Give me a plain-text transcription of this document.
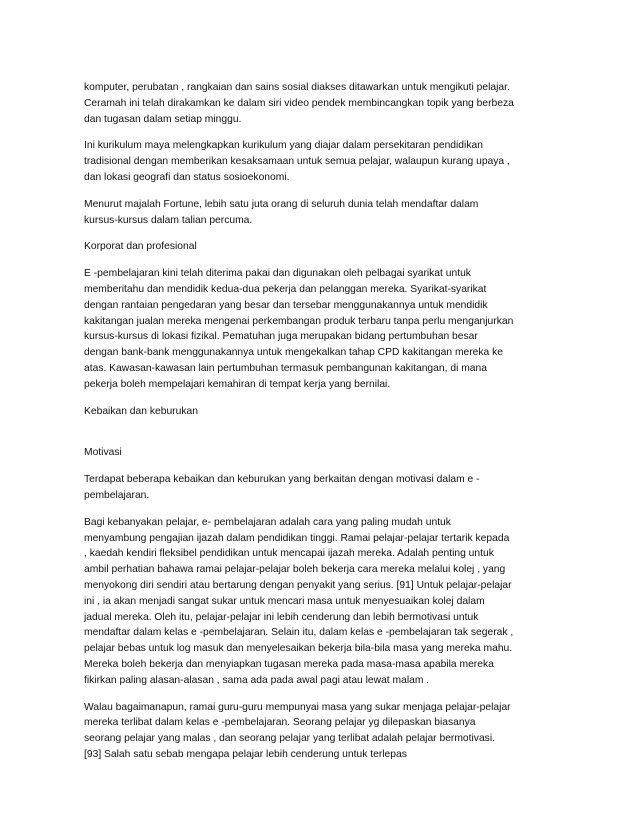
komputer, perubatan , rangkaian dan sains sosial diakses ditawarkan untuk mengikuti pelajar. Ceramah ini telah dirakamkan ke dalam siri video pendek membincangkan topik yang berbeza dan tugasan dalam setiap minggu.

Ini kurikulum maya melengkapkan kurikulum yang diajar dalam persekitaran pendidikan tradisional dengan memberikan kesaksamaan untuk semua pelajar, walaupun kurang upaya , dan lokasi geografi dan status sosioekonomi.

Menurut majalah Fortune, lebih satu juta orang di seluruh dunia telah mendaftar dalam kursus-kursus dalam talian percuma.

Korporat dan profesional

E -pembelajaran kini telah diterima pakai dan digunakan oleh pelbagai syarikat untuk memberitahu dan mendidik kedua-dua pekerja dan pelanggan mereka. Syarikat-syarikat dengan rantaian pengedaran yang besar dan tersebar menggunakannya untuk mendidik kakitangan jualan mereka mengenai perkembangan produk terbaru tanpa perlu menganjurkan kursus-kursus di lokasi fizikal. Pematuhan juga merupakan bidang pertumbuhan besar dengan bank-bank menggunakannya untuk mengekalkan tahap CPD kakitangan mereka ke atas. Kawasan-kawasan lain pertumbuhan termasuk pembangunan kakitangan, di mana pekerja boleh mempelajari kemahiran di tempat kerja yang bernilai.

Kebaikan dan keburukan

Motivasi

Terdapat beberapa kebaikan dan keburukan yang berkaitan dengan motivasi dalam e -pembelajaran.

Bagi kebanyakan pelajar, e- pembelajaran adalah cara yang paling mudah untuk menyambung pengajian ijazah dalam pendidikan tinggi. Ramai pelajar-pelajar tertarik kepada , kaedah kendiri fleksibel pendidikan untuk mencapai ijazah mereka. Adalah penting untuk ambil perhatian bahawa ramai pelajar-pelajar boleh bekerja cara mereka melalui kolej , yang menyokong diri sendiri atau bertarung dengan penyakit yang serius. [91] Untuk pelajar-pelajar ini , ia akan menjadi sangat sukar untuk mencari masa untuk menyesuaikan kolej dalam jadual mereka. Oleh itu, pelajar-pelajar ini lebih cenderung dan lebih bermotivasi untuk mendaftar dalam kelas e -pembelajaran. Selain itu, dalam kelas e -pembelajaran tak segerak , pelajar bebas untuk log masuk dan menyelesaikan bekerja bila-bila masa yang mereka mahu. Mereka boleh bekerja dan menyiapkan tugasan mereka pada masa-masa apabila mereka fikirkan paling alasan-alasan , sama ada pada awal pagi atau lewat malam .

Walau bagaimanapun, ramai guru-guru mempunyai masa yang sukar menjaga pelajar-pelajar mereka terlibat dalam kelas e -pembelajaran. Seorang pelajar yg dilepaskan biasanya seorang pelajar yang malas , dan seorang pelajar yang terlibat adalah pelajar bermotivasi. [93] Salah satu sebab mengapa pelajar lebih cenderung untuk terlepas
